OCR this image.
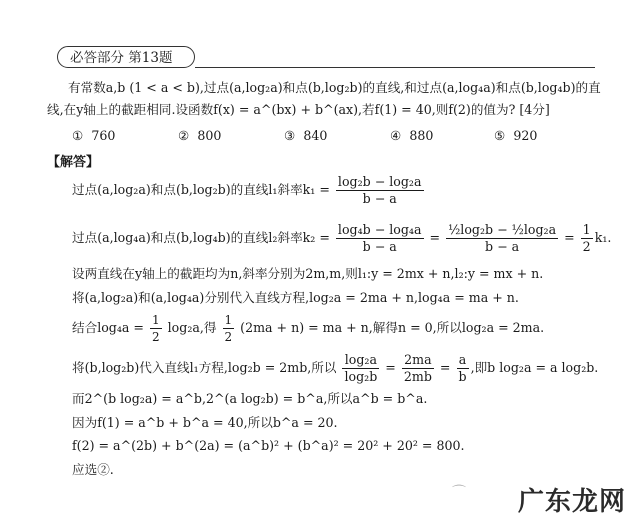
必答部分 第13题
有常数a,b (1 < a < b),过点(a,log₂a)和点(b,log₂b)的直线,和过点(a,log₄a)和点(b,log₄b)的直
线,在y轴上的截距相同.设函数f(x) = a^(bx) + b^(ax),若f(1) = 40,则f(2)的值为? [4分]
① 760	② 800	③ 840	④ 880	⑤ 920
【解答】
过点(a,log₂a)和点(b,log₂b)的直线l₁斜率$k_1 = \frac{\text{log₂b − log₂a}}{b - a}$
过点(a,log₄a)和点(b,log₄b)的直线l₂斜率$k_2 = \frac{\text{log₄b − log₄a}}{b - a} = \frac{\text{½log₂b − ½log₂a}}{b - a} = \frac{1}{2} k_1$.
设两直线在y轴上的截距均为n,斜率分别为2m,m,则l₁:y = 2mx + n,l₂:y = mx + n.
将(a,log₂a)和(a,log₄a)分别代入直线方程,log₂a = 2ma + n,log₄a = ma + n.
结合$\log_4a = \frac{1}{2} \log_2a$,得 $\frac{1}{2} (2ma + n)$ = ma + n,解得n = 0,所以log₂a = 2ma.
将(b,log₂b)代入直线l₁方程,log₂b = 2mb,所以 $\frac{\text{log₂a}}{\text{log₂b}} = \frac{2ma}{2mb} = \frac{a}{b}$ ,即b log₂a = a log₂b.
而2^(b log₂a) = a^b,2^(a log₂b) = b^a,所以a^b = b^a.
因为f(1) = a^b + b^a = 40,所以b^a = 20.
f(2) = a^(2b) + b^(2a) = (a^b)² + (b^a)² = 20² + 20² = 800.
应选②.
⌒ 广东龙网
